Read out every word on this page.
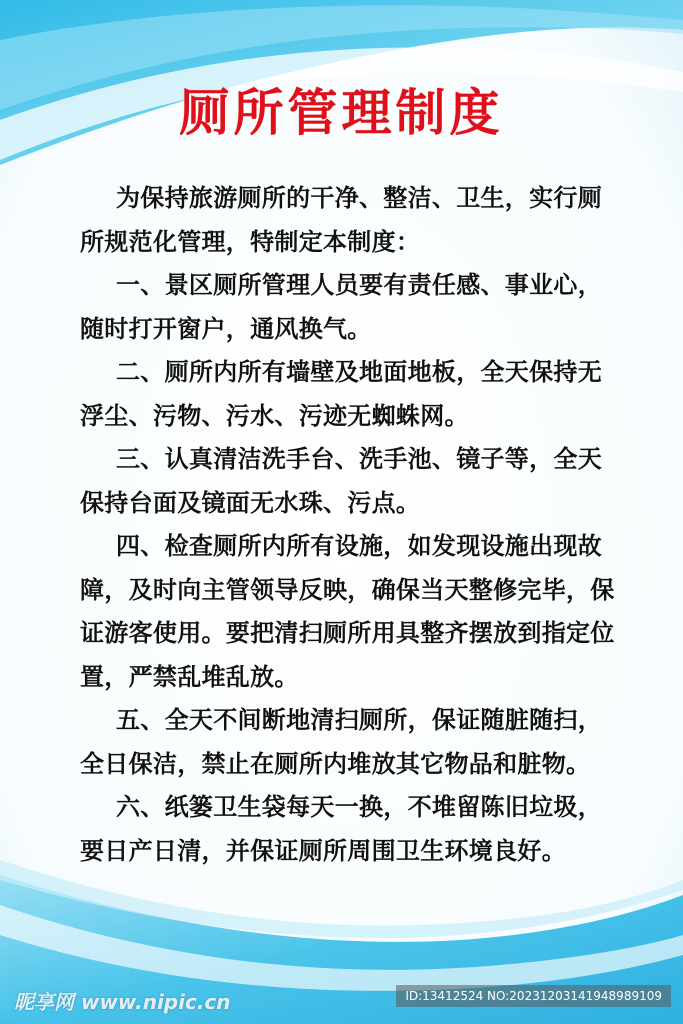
厕所管理制度

为保持旅游厕所的干净、整洁、卫生，实行厕所规范化管理，特制定本制度：

一、景区厕所管理人员要有责任感、事业心，随时打开窗户，通风换气。

二、厕所内所有墙壁及地面地板，全天保持无浮尘、污物、污水、污迹无蜘蛛网。

三、认真清洁洗手台、洗手池、镜子等，全天保持台面及镜面无水珠、污点。

四、检查厕所内所有设施，如发现设施出现故障，及时向主管领导反映，确保当天整修完毕，保证游客使用。要把清扫厕所用具整齐摆放到指定位置，严禁乱堆乱放。

五、全天不间断地清扫厕所，保证随脏随扫，全日保洁，禁止在厕所内堆放其它物品和脏物。

六、纸篓卫生袋每天一换，不堆留陈旧垃圾，要日产日清，并保证厕所周围卫生环境良好。

昵享网 www.nipic.cn	ID:13412524 NO:20231203141948989109
